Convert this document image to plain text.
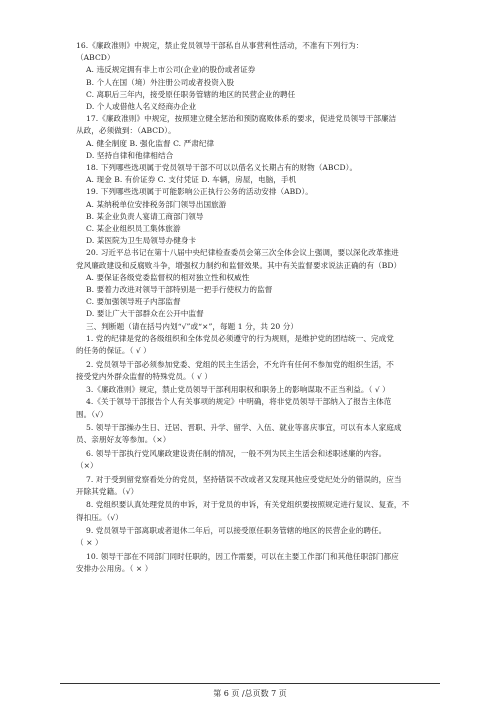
16.《廉政准则》中规定，禁止党员领导干部私自从事营利性活动，不准有下列行为：
（ABCD）
A. 违反规定拥有非上市公司(企业)的股份或者证券
B. 个人在国（境）外注册公司或者投资入股
C. 离职后三年内，接受原任职务管辖的地区的民营企业的聘任
D. 个人或借他人名义经商办企业
17.《廉政准则》中规定，按照建立健全惩治和预防腐败体系的要求，促进党员领导干部廉洁
从政，必须做到：（ABCD）。
A. 健全制度 B. 强化监督 C. 严肃纪律
D. 坚持自律和他律相结合
18. 下列哪些选项属于党员领导干部不可以以借名义长期占有的财物（ABCD）。
A. 现金 B. 有价证券 C. 支付凭证 D. 车辆，房屋，电脑，手机
19. 下列哪些选项属于可能影响公正执行公务的活动安排（ABD）。
A. 某纳税单位安排税务部门领导出国旅游
B. 某企业负责人宴请工商部门领导
C. 某企业组织员工集体旅游
D. 某医院为卫生局领导办健身卡
20. 习近平总书记在第十八届中央纪律检查委员会第三次全体会议上强调，要以深化改革推进
党风廉政建设和反腐败斗争，增强权力制约和监督效果。其中有关监督要求说法正确的有（BD）
A. 要保证各级党委监督权的相对独立性和权威性
B. 要着力改进对领导干部特别是一把手行使权力的监督
C. 要加强领导班子内部监督
D. 要让广大干部群众在公开中监督
三、判断题（请在括号内划“√”或“×”，每题 1 分，共 20 分）
1. 党的纪律是党的各级组织和全体党员必须遵守的行为规则，是维护党的团结统一、完成党
的任务的保证。（ √ ）
2. 党员领导干部必须参加党委、党组的民主生活会，不允许有任何不参加党的组织生活，不
接受党内外群众监督的特殊党员。（ √ ）
3.《廉政准则》规定，禁止党员领导干部利用职权和职务上的影响谋取不正当利益。（ √ ）
4.《关于领导干部报告个人有关事项的规定》中明确，将非党员领导干部纳入了报告主体范
围。（√）
5. 领导干部操办生日、迁居、晋职、升学、留学、入伍、就业等喜庆事宜，可以有本人家庭成
员、亲朋好友等参加。（×）
6. 领导干部执行党风廉政建设责任制的情况，一般不列为民主生活会和述职述廉的内容。
（×）
7. 对于受到留党察看处分的党员，坚持错误不改或者又发现其他应受党纪处分的错误的，应当
开除其党籍。（√）
8. 党组织要认真处理党员的申诉，对于党员的申诉，有关党组织要按照规定进行复议、复查，不
得扣压。（√）
9. 党员领导干部离职或者退休二年后，可以接受原任职务管辖的地区的民营企业的聘任。
（ × ）
10. 领导干部在不同部门同时任职的，因工作需要，可以在主要工作部门和其他任职部门都应
安排办公用房。（ × ）
第 6 页 /总页数 7 页
